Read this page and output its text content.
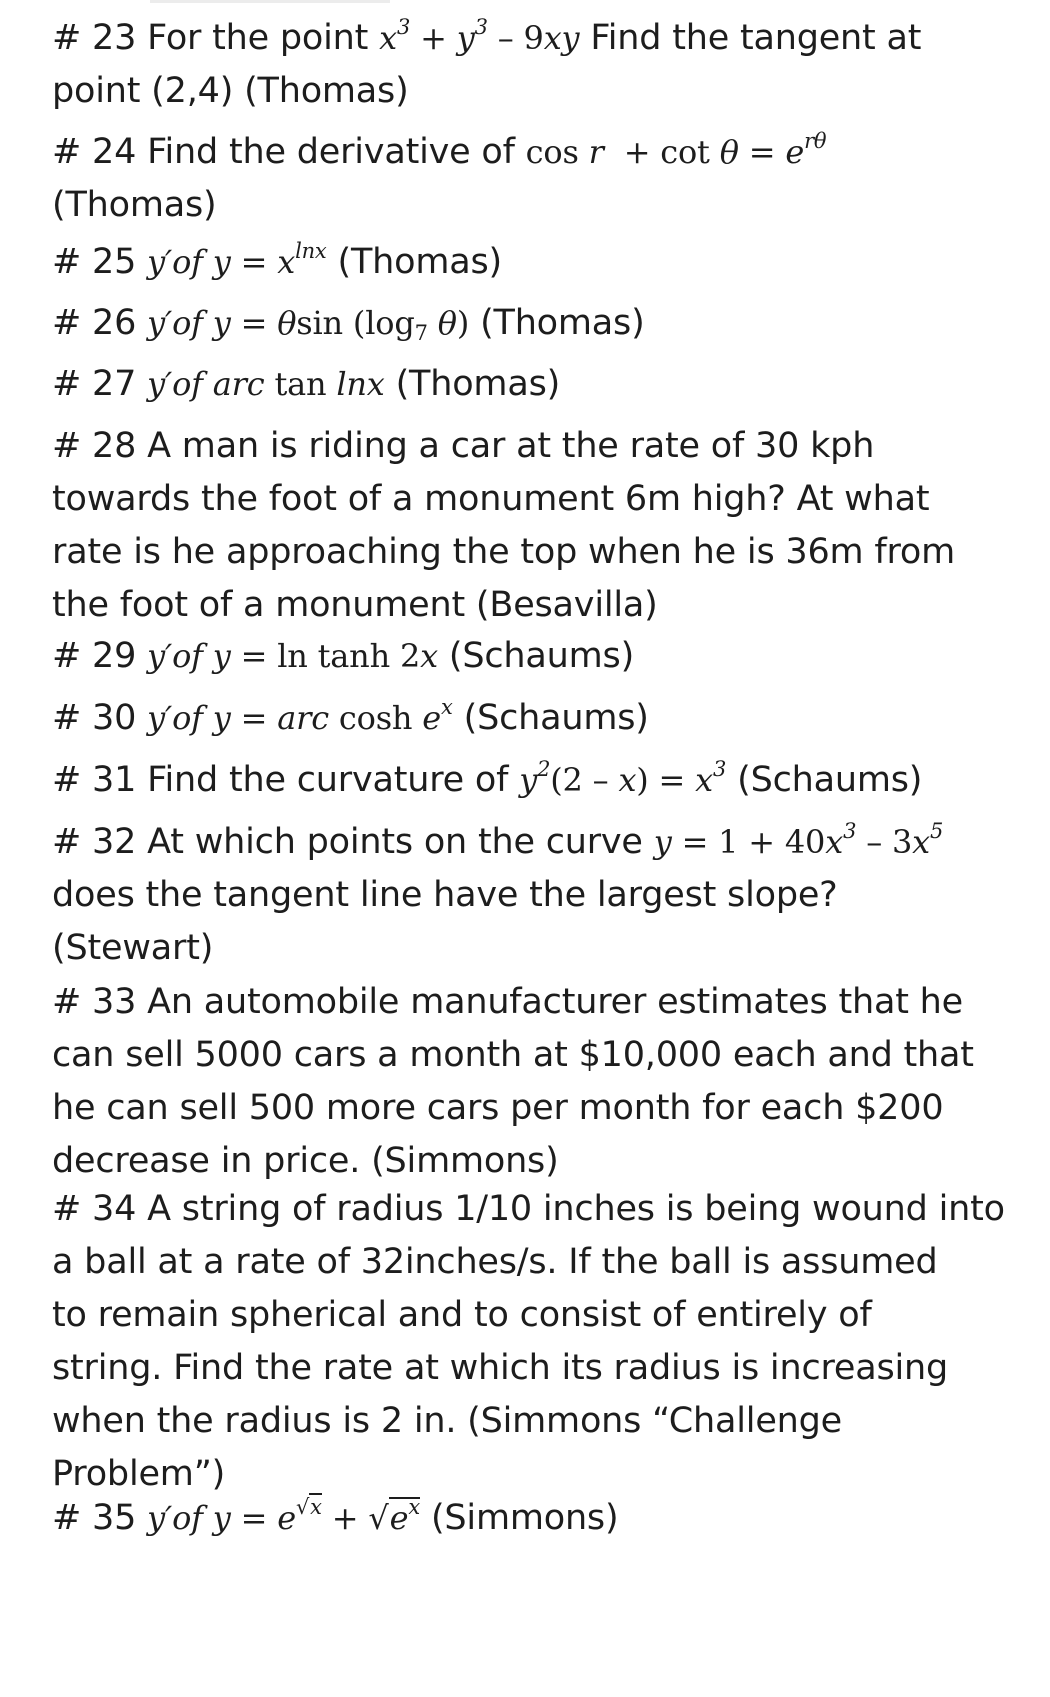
# 23 For the point $x^3 + y^3 - 9xy$ Find the tangent at
point (2,4) (Thomas)
# 24 Find the derivative of $\cos r + \cot \theta = e^{r\theta}$
(Thomas)
# 25 y′of $y = x^{lnx}$ (Thomas)
# 26 y′of y = θsin ($\log_7$ θ) (Thomas)
# 27 y′of arc tan lnx (Thomas)
# 28 A man is riding a car at the rate of 30 kph
towards the foot of a monument 6m high? At what
rate is he approaching the top when he is 36m from
the foot of a monument (Besavilla)
# 29 y′of y = ln tanh 2x (Schaums)
# 30 y′of y = arc $\cosh e^x$ (Schaums)
# 31 Find the curvature of $y^2(2 - x) = x^3$ (Schaums)
# 32 At which points on the curve $y = 1 + 40x^3 - 3x^5$
does the tangent line have the largest slope?
(Stewart)
# 33 An automobile manufacturer estimates that he
can sell 5000 cars a month at $10,000 each and that
he can sell 500 more cars per month for each $200
decrease in price. (Simmons)
# 34 A string of radius 1/10 inches is being wound into
a ball at a rate of 32inches/s. If the ball is assumed
to remain spherical and to consist of entirely of
string. Find the rate at which its radius is increasing
when the radius is 2 in. (Simmons “Challenge
Problem”)
# 35 y′of $y = e^{√x} + √e^x$ (Simmons)
